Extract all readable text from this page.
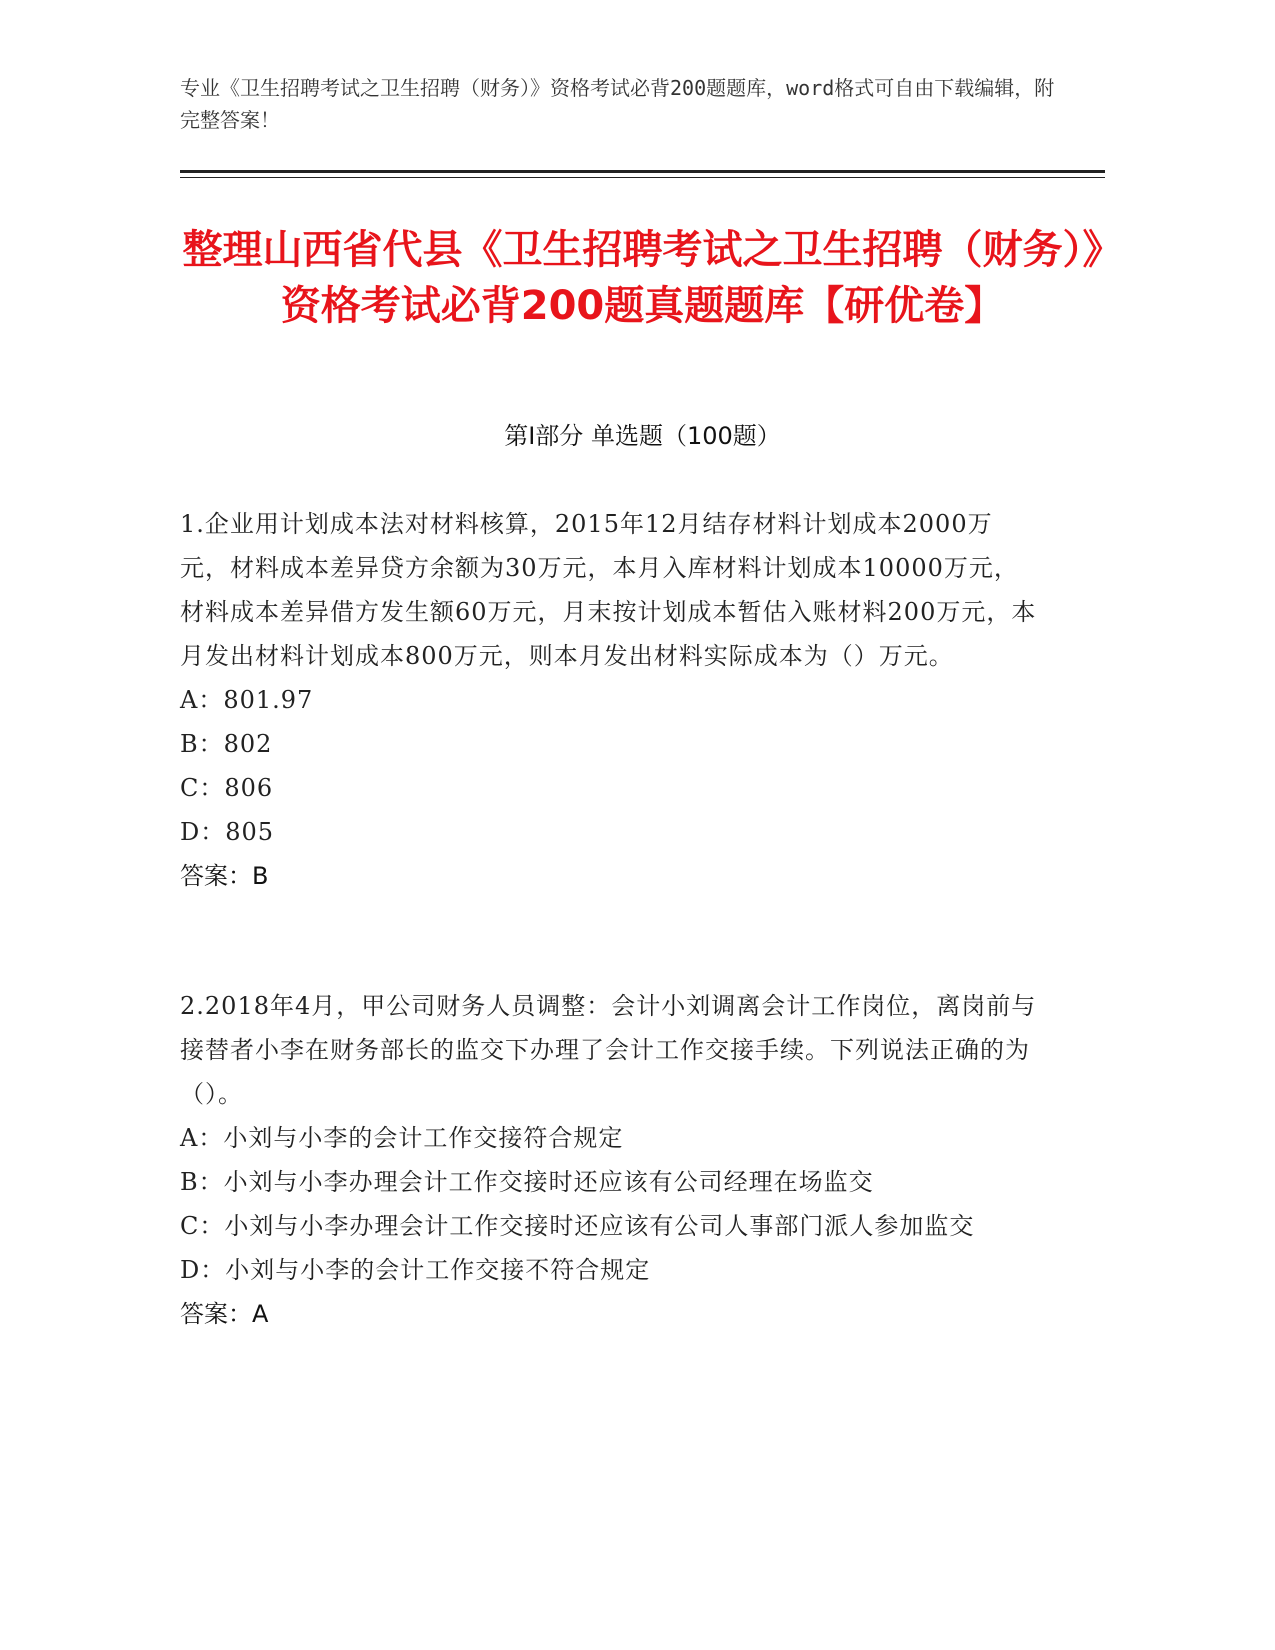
专业《卫生招聘考试之卫生招聘（财务）》资格考试必背200题题库，word格式可自由下载编辑，附完整答案！
整理山西省代县《卫生招聘考试之卫生招聘（财务）》资格考试必背200题真题题库【研优卷】
第I部分 单选题（100题）
1.企业用计划成本法对材料核算，2015年12月结存材料计划成本2000万元，材料成本差异贷方余额为30万元，本月入库材料计划成本10000万元，材料成本差异借方发生额60万元，月末按计划成本暂估入账材料200万元，本月发出材料计划成本800万元，则本月发出材料实际成本为（）万元。
A：801.97
B：802
C：806
D：805
答案：B
2.2018年4月，甲公司财务人员调整：会计小刘调离会计工作岗位，离岗前与接替者小李在财务部长的监交下办理了会计工作交接手续。下列说法正确的为（）。
A：小刘与小李的会计工作交接符合规定
B：小刘与小李办理会计工作交接时还应该有公司经理在场监交
C：小刘与小李办理会计工作交接时还应该有公司人事部门派人参加监交
D：小刘与小李的会计工作交接不符合规定
答案：A
